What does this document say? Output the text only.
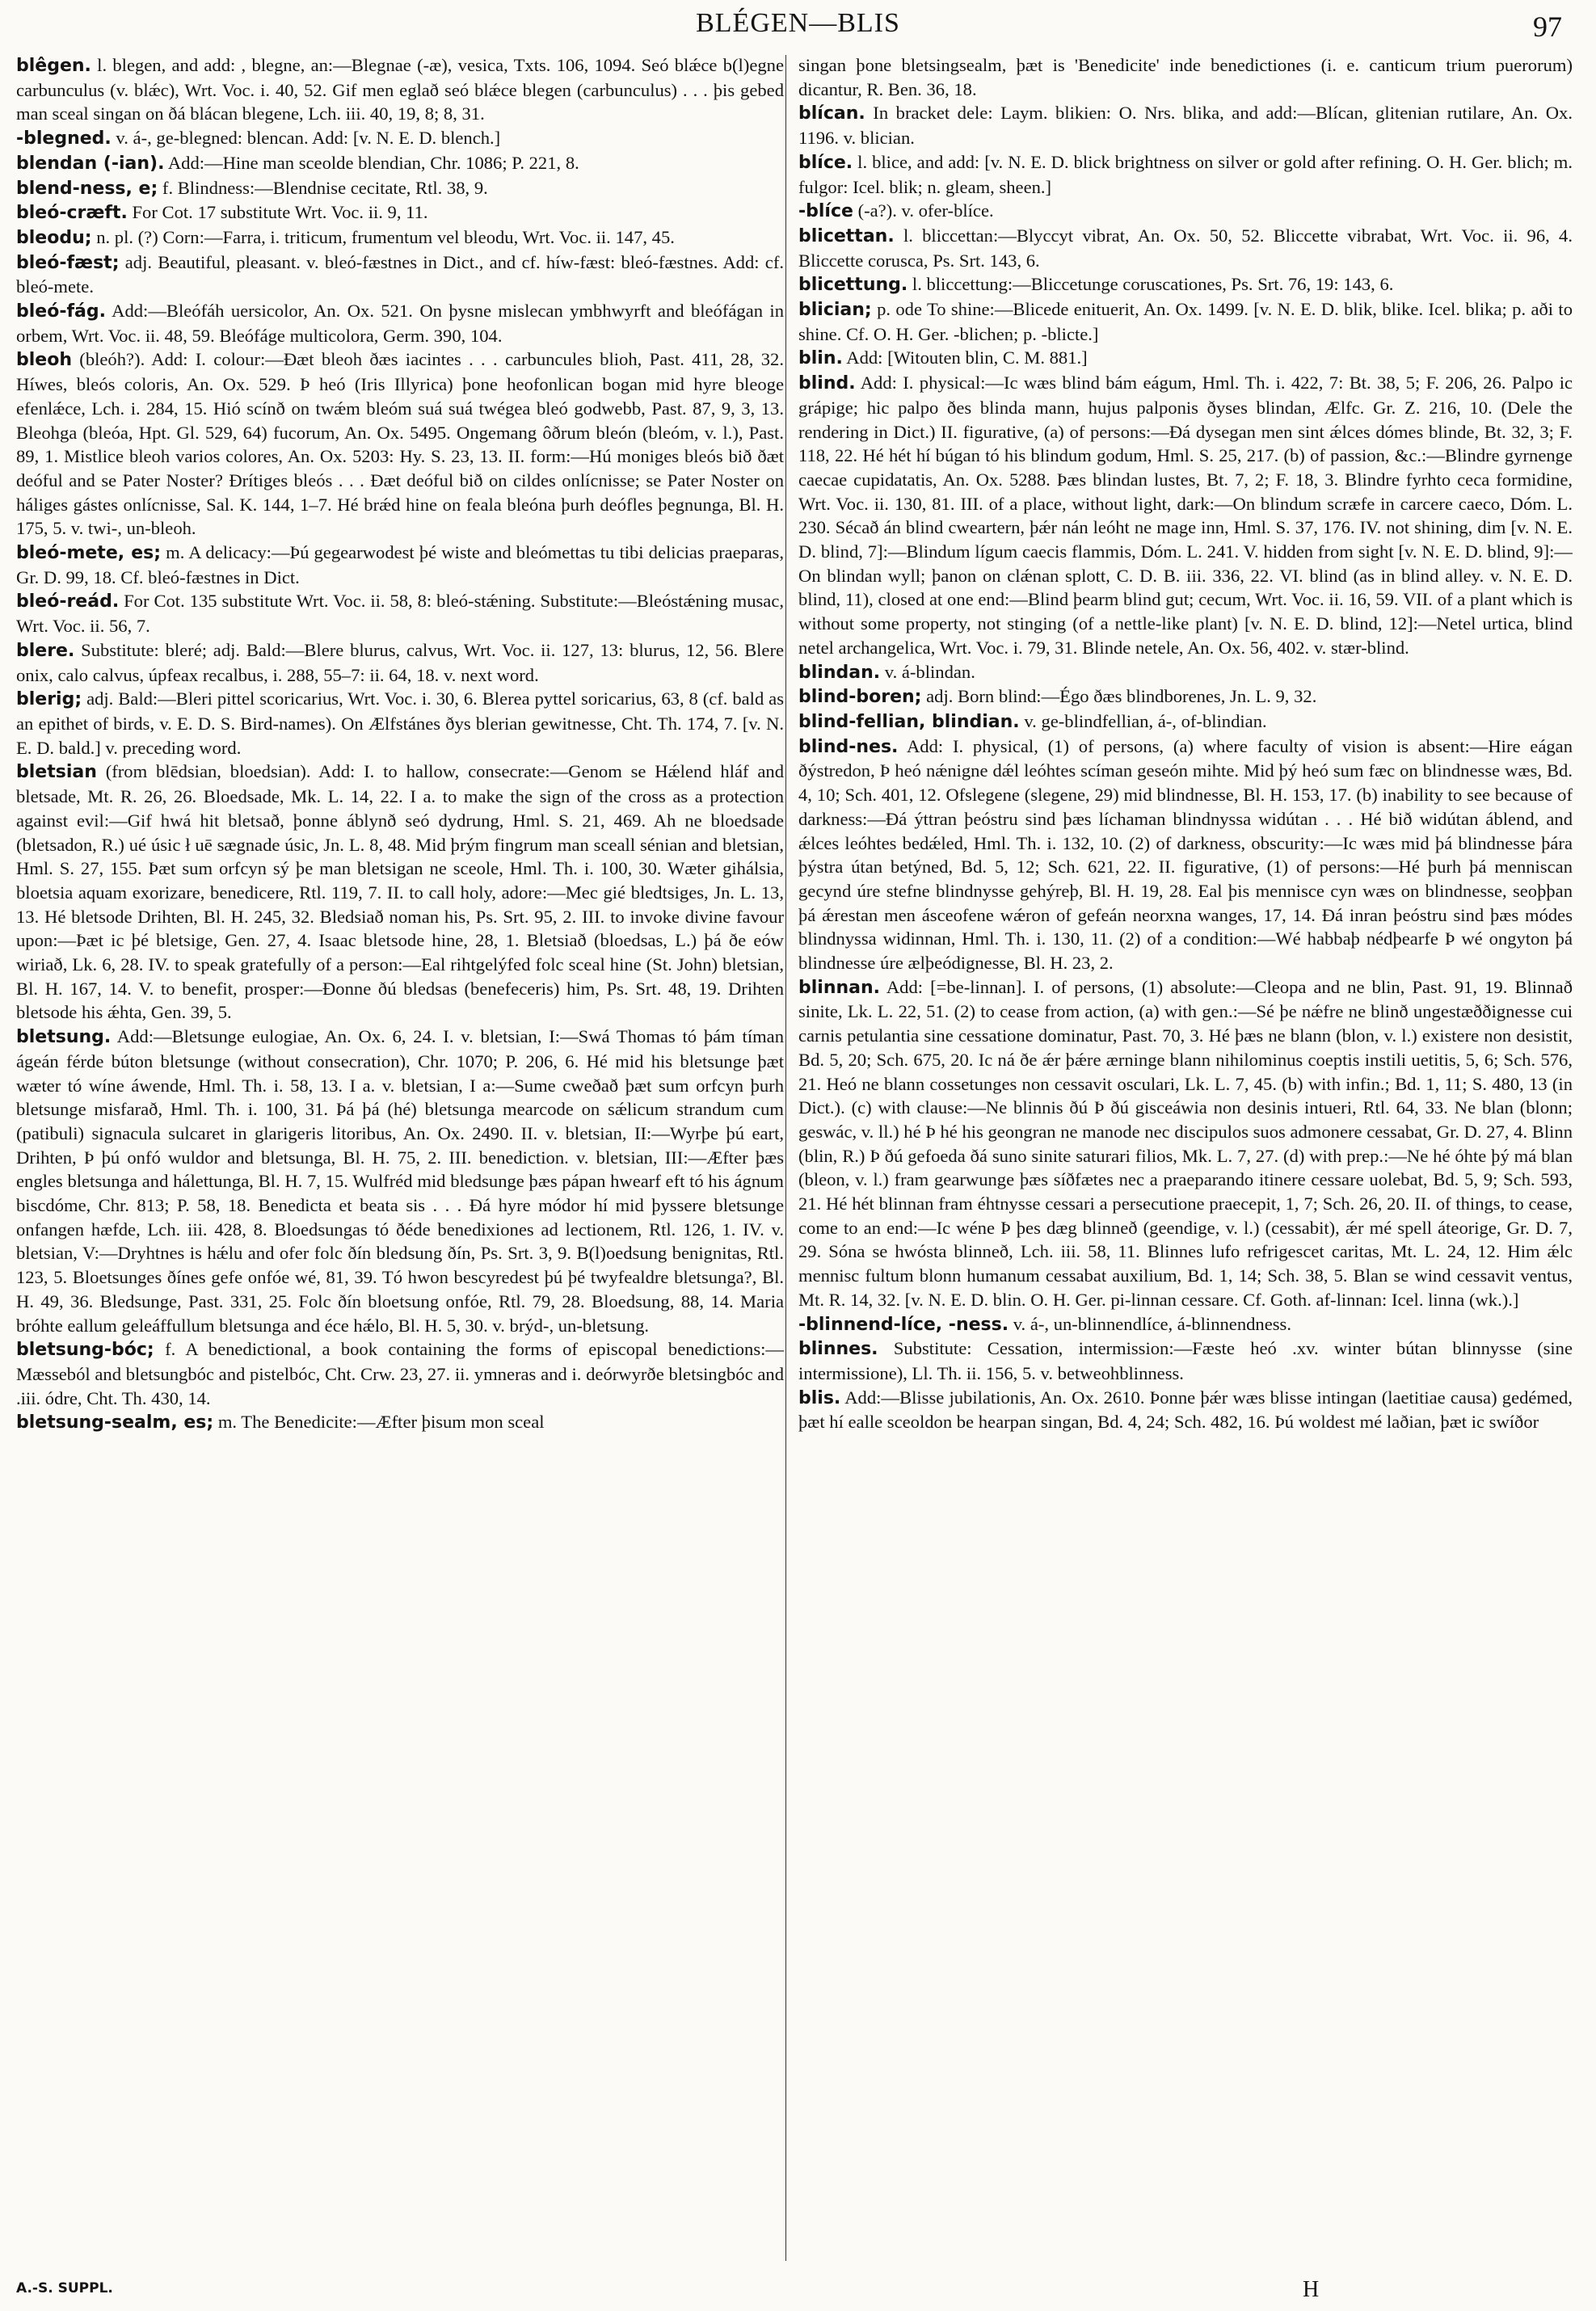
BLÉGEN—BLIS	97

blêgen. l. blegen, and add: , blegne, an:—Blegnae (-æ), vesica, Txts. 106, 1094. Seó blǽce b(l)egne carbunculus (v. blǽc), Wrt. Voc. i. 40, 52. Gif men eglað seó blǽce blegen (carbunculus) . . . þis gebed man sceal singan on ðá blácan blegene, Lch. iii. 40, 19, 8; 8, 31.

-blegned. v. á-, ge-blegned: blencan. Add: [v. N. E. D. blench.]

blendan (-ian). Add:—Hine man sceolde blendian, Chr. 1086; P. 221, 8.

blend-ness, e; f. Blindness:—Blendnise cecitate, Rtl. 38, 9.

bleó-cræft. For Cot. 17 substitute Wrt. Voc. ii. 9, 11.

bleodu; n. pl. (?) Corn:—Farra, i. triticum, frumentum vel bleodu, Wrt. Voc. ii. 147, 45.

bleó-fæst; adj. Beautiful, pleasant. v. bleó-fæstnes in Dict., and cf. híw-fæst: bleó-fæstnes. Add: cf. bleó-mete.

bleó-fág. Add:—Bleófáh uersicolor, An. Ox. 521. On þysne mislecan ymbhwyrft and bleófágan in orbem, Wrt. Voc. ii. 48, 59. Bleófáge multicolora, Germ. 390, 104.

bleoh (bleóh?). Add: I. colour:—Ðæt bleoh ðæs iacintes . . . carbuncules blioh, Past. 411, 28, 32. Híwes, bleós coloris, An. Ox. 529. Þ heó (Iris Illyrica) þone heofonlican bogan mid hyre bleoge efenlǽce, Lch. i. 284, 15. Hió scínð on twǽm bleóm suá suá twégea bleó godwebb, Past. 87, 9, 3, 13. Bleohga (bleóa, Hpt. Gl. 529, 64) fucorum, An. Ox. 5495. Ongemang ôðrum bleón (bleóm, v. l.), Past. 89, 1. Mistlice bleoh varios colores, An. Ox. 5203: Hy. S. 23, 13. II. form:—Hú moniges bleós bið ðæt deóful and se Pater Noster? Ðrítiges bleós . . . Ðæt deóful bið on cildes onlícnisse; se Pater Noster on háliges gástes onlícnisse, Sal. K. 144, 1–7. Hé brǽd hine on feala bleóna þurh deófles þegnunga, Bl. H. 175, 5. v. twi-, un-bleoh.

bleó-mete, es; m. A delicacy:—Þú gegearwodest þé wiste and bleómettas tu tibi delicias praeparas, Gr. D. 99, 18. Cf. bleó-fæstnes in Dict.

bleó-reád. For Cot. 135 substitute Wrt. Voc. ii. 58, 8: bleó-stǽning. Substitute:—Bleóstǽning musac, Wrt. Voc. ii. 56, 7.

blere. Substitute: bleré; adj. Bald:—Blere blurus, calvus, Wrt. Voc. ii. 127, 13: blurus, 12, 56. Blere onix, calo calvus, úpfeax recalbus, i. 288, 55–7: ii. 64, 18. v. next word.

blerig; adj. Bald:—Bleri pittel scoricarius, Wrt. Voc. i. 30, 6. Blerea pyttel soricarius, 63, 8 (cf. bald as an epithet of birds, v. E. D. S. Bird-names). On Ælfstánes ðys blerian gewitnesse, Cht. Th. 174, 7. [v. N. E. D. bald.] v. preceding word.

bletsian (from blēdsian, bloedsian). Add: I. to hallow, consecrate:—Genom se Hǽlend hláf and bletsade, Mt. R. 26, 26. Bloedsade, Mk. L. 14, 22. I a. to make the sign of the cross as a protection against evil:—Gif hwá hit bletsað, þonne áblynð seó dydrung, Hml. S. 21, 469. Ah ne bloedsade (bletsadon, R.) ué úsic ł uē sægnade úsic, Jn. L. 8, 48. Mid þrým fingrum man sceall sénian and bletsian, Hml. S. 27, 155. Þæt sum orfcyn sý þe man bletsigan ne sceole, Hml. Th. i. 100, 30. Wæter gihálsia, bloetsia aquam exorizare, benedicere, Rtl. 119, 7. II. to call holy, adore:—Mec gié bledtsiges, Jn. L. 13, 13. Hé bletsode Drihten, Bl. H. 245, 32. Bledsiað noman his, Ps. Srt. 95, 2. III. to invoke divine favour upon:—Þæt ic þé bletsige, Gen. 27, 4. Isaac bletsode hine, 28, 1. Bletsiað (bloedsas, L.) þá ðe eów wiriað, Lk. 6, 28. IV. to speak gratefully of a person:—Eal rihtgelýfed folc sceal hine (St. John) bletsian, Bl. H. 167, 14. V. to benefit, prosper:—Ðonne ðú bledsas (benefeceris) him, Ps. Srt. 48, 19. Drihten bletsode his ǽhta, Gen. 39, 5.

bletsung. Add:—Bletsunge eulogiae, An. Ox. 6, 24. I. v. bletsian, I:—Swá Thomas tó þám tíman ágeán férde búton bletsunge (without consecration), Chr. 1070; P. 206, 6. Hé mid his bletsunge þæt wæter tó wíne áwende, Hml. Th. i. 58, 13. I a. v. bletsian, I a:—Sume cweðað þæt sum orfcyn þurh bletsunge misfarað, Hml. Th. i. 100, 31. Þá þá (hé) bletsunga mearcode on sǽlicum strandum cum (patibuli) signacula sulcaret in glarigeris litoribus, An. Ox. 2490. II. v. bletsian, II:—Wyrþe þú eart, Drihten, Þ þú onfó wuldor and bletsunga, Bl. H. 75, 2. III. benediction. v. bletsian, III:—Æfter þæs engles bletsunga and hálettunga, Bl. H. 7, 15. Wulfréd mid bledsunge þæs pápan hwearf eft tó his ágnum biscdóme, Chr. 813; P. 58, 18. Benedicta et beata sis . . . Ðá hyre módor hí mid þyssere bletsunge onfangen hæfde, Lch. iii. 428, 8. Bloedsungas tó ðéde benedixiones ad lectionem, Rtl. 126, 1. IV. v. bletsian, V:—Dryhtnes is hǽlu and ofer folc ðín bledsung ðín, Ps. Srt. 3, 9. B(l)oedsung benignitas, Rtl. 123, 5. Bloetsunges ðínes gefe onfóe wé, 81, 39. Tó hwon bescyredest þú þé twyfealdre bletsunga?, Bl. H. 49, 36. Bledsunge, Past. 331, 25. Folc ðín bloetsung onfóe, Rtl. 79, 28. Bloedsung, 88, 14. Maria bróhte eallum geleáffullum bletsunga and éce hǽlo, Bl. H. 5, 30. v. brýd-, un-bletsung.

bletsung-bóc; f. A benedictional, a book containing the forms of episcopal benedictions:—Mæsseból and bletsungbóc and pistelbóc, Cht. Crw. 23, 27. ii. ymneras and i. deórwyrðe bletsingbóc and .iii. ódre, Cht. Th. 430, 14.

bletsung-sealm, es; m. The Benedicite:—Æfter þisum mon sceal

singan þone bletsingsealm, þæt is 'Benedicite' inde benedictiones (i. e. canticum trium puerorum) dicantur, R. Ben. 36, 18.

blícan. In bracket dele: Laym. blikien: O. Nrs. blika, and add:—Blícan, glitenian rutilare, An. Ox. 1196. v. blician.

blíce. l. blice, and add: [v. N. E. D. blick brightness on silver or gold after refining. O. H. Ger. blich; m. fulgor: Icel. blik; n. gleam, sheen.]

-blíce (-a?). v. ofer-blíce.

blicettan. l. bliccettan:—Blyccyt vibrat, An. Ox. 50, 52. Bliccette vibrabat, Wrt. Voc. ii. 96, 4. Bliccette corusca, Ps. Srt. 143, 6.

blicettung. l. bliccettung:—Bliccetunge coruscationes, Ps. Srt. 76, 19: 143, 6.

blician; p. ode To shine:—Blicede enituerit, An. Ox. 1499. [v. N. E. D. blik, blike. Icel. blika; p. aði to shine. Cf. O. H. Ger. -blichen; p. -blicte.]

blin. Add: [Witouten blin, C. M. 881.]

blind. Add: I. physical:—Ic wæs blind bám eágum, Hml. Th. i. 422, 7: Bt. 38, 5; F. 206, 26. Palpo ic grápige; hic palpo ðes blinda mann, hujus palponis ðyses blindan, Ælfc. Gr. Z. 216, 10. (Dele the rendering in Dict.) II. figurative, (a) of persons:—Ðá dysegan men sint ǽlces dómes blinde, Bt. 32, 3; F. 118, 22. Hé hét hí búgan tó his blindum godum, Hml. S. 25, 217. (b) of passion, &c.:—Blindre gyrnenge caecae cupidatatis, An. Ox. 5288. Þæs blindan lustes, Bt. 7, 2; F. 18, 3. Blindre fyrhto ceca formidine, Wrt. Voc. ii. 130, 81. III. of a place, without light, dark:—On blindum scræfe in carcere caeco, Dóm. L. 230. Sécað án blind cweartern, þǽr nán leóht ne mage inn, Hml. S. 37, 176. IV. not shining, dim [v. N. E. D. blind, 7]:—Blindum lígum caecis flammis, Dóm. L. 241. V. hidden from sight [v. N. E. D. blind, 9]:—On blindan wyll; þanon on clǽnan splott, C. D. B. iii. 336, 22. VI. blind (as in blind alley. v. N. E. D. blind, 11), closed at one end:—Blind þearm blind gut; cecum, Wrt. Voc. ii. 16, 59. VII. of a plant which is without some property, not stinging (of a nettle-like plant) [v. N. E. D. blind, 12]:—Netel urtica, blind netel archangelica, Wrt. Voc. i. 79, 31. Blinde netele, An. Ox. 56, 402. v. stær-blind.

blindan. v. á-blindan.

blind-boren; adj. Born blind:—Égo ðæs blindborenes, Jn. L. 9, 32.

blind-fellian, blindian. v. ge-blindfellian, á-, of-blindian.

blind-nes. Add: I. physical, (1) of persons, (a) where faculty of vision is absent:—Hire eágan ðýstredon, Þ heó nǽnigne dǽl leóhtes scíman geseón mihte. Mid þý heó sum fæc on blindnesse wæs, Bd. 4, 10; Sch. 401, 12. Ofslegene (slegene, 29) mid blindnesse, Bl. H. 153, 17. (b) inability to see because of darkness:—Ðá ýttran þeóstru sind þæs líchaman blindnyssa widútan . . . Hé bið widútan áblend, and ǽlces leóhtes bedǽled, Hml. Th. i. 132, 10. (2) of darkness, obscurity:—Ic wæs mid þá blindnesse þára þýstra útan betýned, Bd. 5, 12; Sch. 621, 22. II. figurative, (1) of persons:—Hé þurh þá menniscan gecynd úre stefne blindnysse gehýreþ, Bl. H. 19, 28. Eal þis mennisce cyn wæs on blindnesse, seoþþan þá ǽrestan men ásceofene wǽron of gefeán neorxna wanges, 17, 14. Ðá inran þeóstru sind þæs módes blindnyssa widinnan, Hml. Th. i. 130, 11. (2) of a condition:—Wé habbaþ nédþearfe Þ wé ongyton þá blindnesse úre ælþeódignesse, Bl. H. 23, 2.

blinnan. Add: [=be-linnan]. I. of persons, (1) absolute:—Cleopa and ne blin, Past. 91, 19. Blinnað sinite, Lk. L. 22, 51. (2) to cease from action, (a) with gen.:—Sé þe nǽfre ne blinð ungestæððignesse cui carnis petulantia sine cessatione dominatur, Past. 70, 3. Hé þæs ne blann (blon, v. l.) existere non desistit, Bd. 5, 20; Sch. 675, 20. Ic ná ðe ǽr þǽre ærninge blann nihilominus coeptis instili uetitis, 5, 6; Sch. 576, 21. Heó ne blann cossetunges non cessavit osculari, Lk. L. 7, 45. (b) with infin.; Bd. 1, 11; S. 480, 13 (in Dict.). (c) with clause:—Ne blinnis ðú Þ ðú gisceáwia non desinis intueri, Rtl. 64, 33. Ne blan (blonn; geswác, v. ll.) hé Þ hé his geongran ne manode nec discipulos suos admonere cessabat, Gr. D. 27, 4. Blinn (blin, R.) Þ ðú gefoeda ðá suno sinite saturari filios, Mk. L. 7, 27. (d) with prep.:—Ne hé óhte þý má blan (bleon, v. l.) fram gearwunge þæs síðfætes nec a praeparando itinere cessare uolebat, Bd. 5, 9; Sch. 593, 21. Hé hét blinnan fram éhtnysse cessari a persecutione praecepit, 1, 7; Sch. 26, 20. II. of things, to cease, come to an end:—Ic wéne Þ þes dæg blinneð (geendige, v. l.) (cessabit), ǽr mé spell áteorige, Gr. D. 7, 29. Sóna se hwósta blinneð, Lch. iii. 58, 11. Blinnes lufo refrigescet caritas, Mt. L. 24, 12. Him ǽlc mennisc fultum blonn humanum cessabat auxilium, Bd. 1, 14; Sch. 38, 5. Blan se wind cessavit ventus, Mt. R. 14, 32. [v. N. E. D. blin. O. H. Ger. pi-linnan cessare. Cf. Goth. af-linnan: Icel. linna (wk.).]

-blinnend-líce, -ness. v. á-, un-blinnendlíce, á-blinnendness.

blinnes. Substitute: Cessation, intermission:—Fæste heó .xv. winter bútan blinnysse (sine intermissione), Ll. Th. ii. 156, 5. v. betweohblinness.

blis. Add:—Blisse jubilationis, An. Ox. 2610. Þonne þǽr wæs blisse intingan (laetitiae causa) gedémed, þæt hí ealle sceoldon be hearpan singan, Bd. 4, 24; Sch. 482, 16. Þú woldest mé laðian, þæt ic swíðor

A.-S. SUPPL.	H
